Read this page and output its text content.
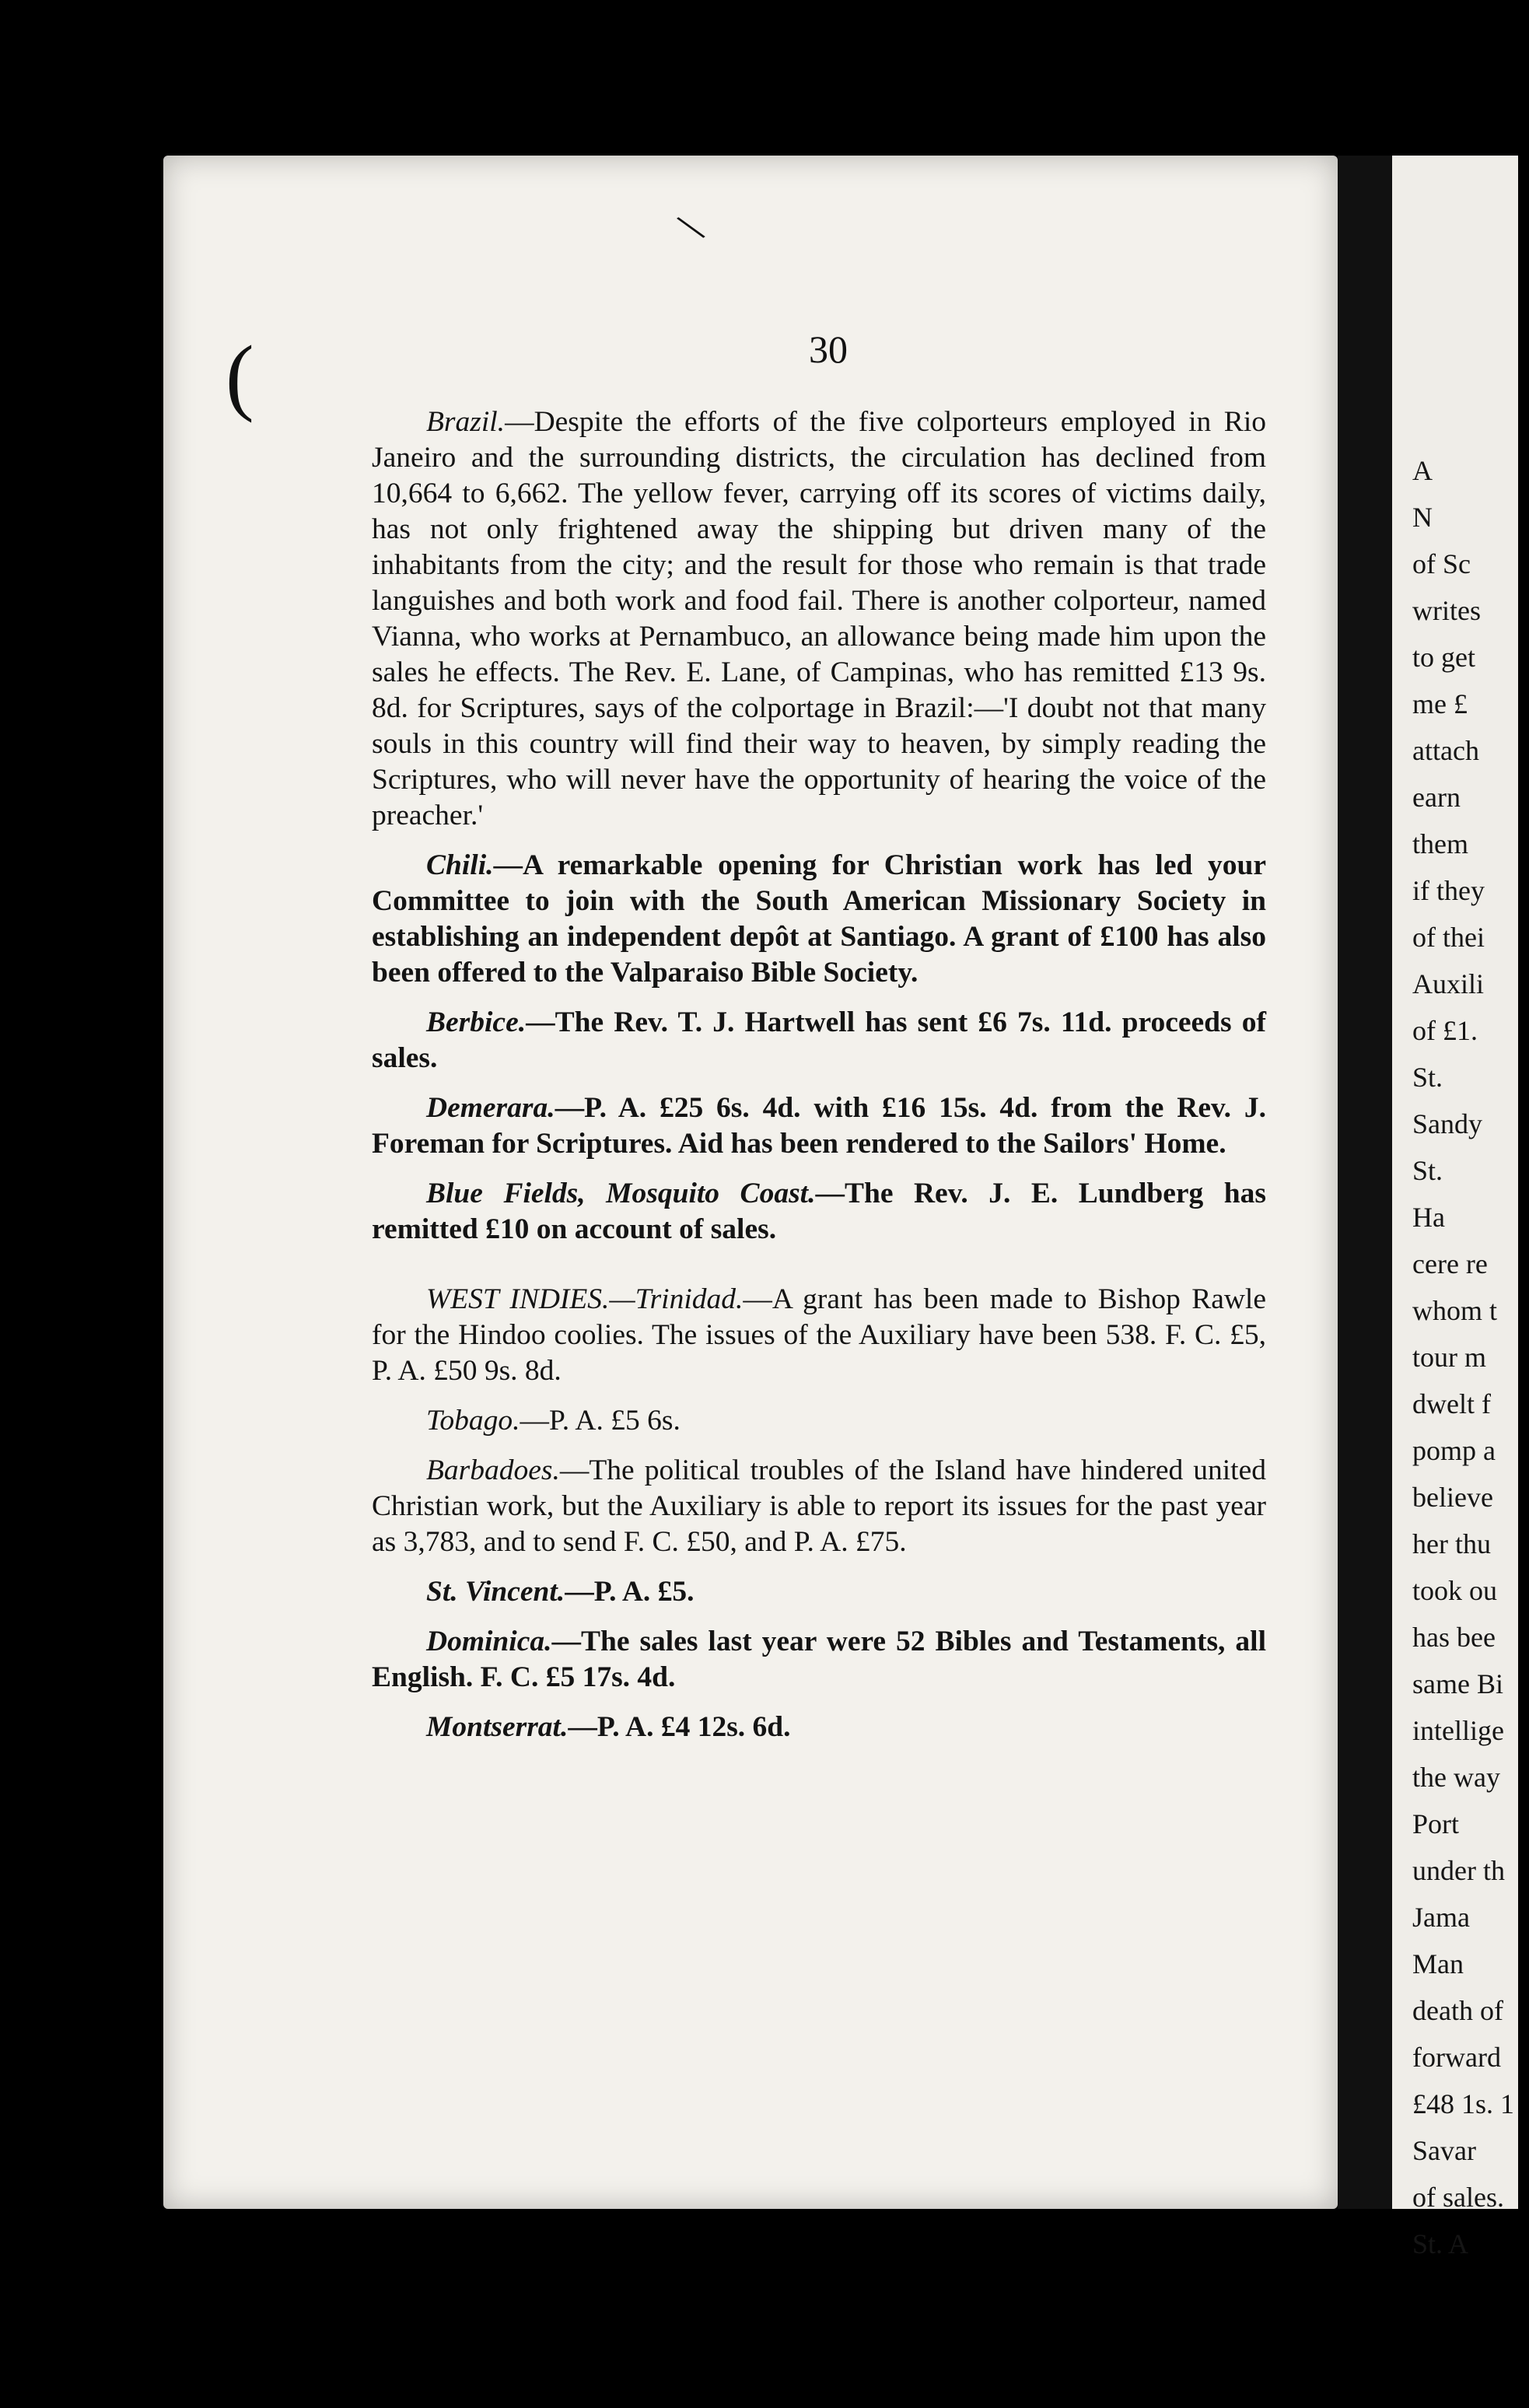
A
N
of Sc
writes
to get
me £
attach
earn
them
if they
of thei
Auxili
of £1.
St.
Sandy
St.
Ha
cere re
whom t
tour m
dwelt f
pomp a
believe
her thu
took ou
has bee
same Bi
intellige
the way
Port
under th
Jama
Man
death of
forward
£48 1s. 1
Savar
of sales.
St. A
\
(	30

Brazil.—Despite the efforts of the five colporteurs employed in Rio Janeiro and the surrounding districts, the circulation has declined from 10,664 to 6,662. The yellow fever, carrying off its scores of victims daily, has not only frightened away the shipping but driven many of the inhabitants from the city; and the result for those who remain is that trade languishes and both work and food fail. There is another colporteur, named Vianna, who works at Pernambuco, an allowance being made him upon the sales he effects. The Rev. E. Lane, of Campinas, who has remitted £13 9s. 8d. for Scriptures, says of the colportage in Brazil:—'I doubt not that many souls in this country will find their way to heaven, by simply reading the Scriptures, who will never have the opportunity of hearing the voice of the preacher.'

Chili.—A remarkable opening for Christian work has led your Committee to join with the South American Missionary Society in establishing an independent depôt at Santiago. A grant of £100 has also been offered to the Valparaiso Bible Society.

Berbice.—The Rev. T. J. Hartwell has sent £6 7s. 11d. proceeds of sales.

Demerara.—P. A. £25 6s. 4d. with £16 15s. 4d. from the Rev. J. Foreman for Scriptures. Aid has been rendered to the Sailors' Home.

Blue Fields, Mosquito Coast.—The Rev. J. E. Lundberg has remitted £10 on account of sales.

WEST INDIES.—Trinidad.—A grant has been made to Bishop Rawle for the Hindoo coolies. The issues of the Auxiliary have been 538. F. C. £5, P. A. £50 9s. 8d.

Tobago.—P. A. £5 6s.

Barbadoes.—The political troubles of the Island have hindered united Christian work, but the Auxiliary is able to report its issues for the past year as 3,783, and to send F. C. £50, and P. A. £75.

St. Vincent.—P. A. £5.

Dominica.—The sales last year were 52 Bibles and Testaments, all English. F. C. £5 17s. 4d.

Montserrat.—P. A. £4 12s. 6d.
